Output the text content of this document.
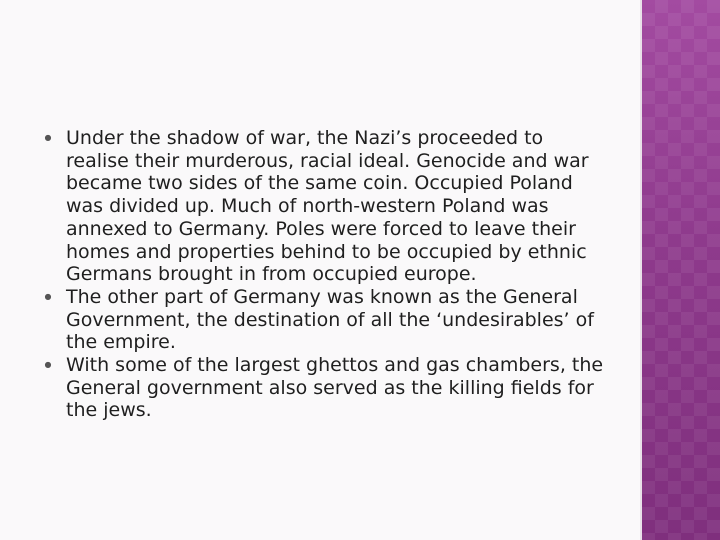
● Under the shadow of war, the Nazi’s proceeded to realise their murderous, racial ideal. Genocide and war became two sides of the same coin. Occupied Poland was divided up. Much of north-western Poland was annexed to Germany. Poles were forced to leave their homes and properties behind to be occupied by ethnic Germans brought in from occupied europe.
● The other part of Germany was known as the General Government, the destination of all the ‘undesirables’ of the empire.
● With some of the largest ghettos and gas chambers, the General government also served as the killing fields for the jews.
